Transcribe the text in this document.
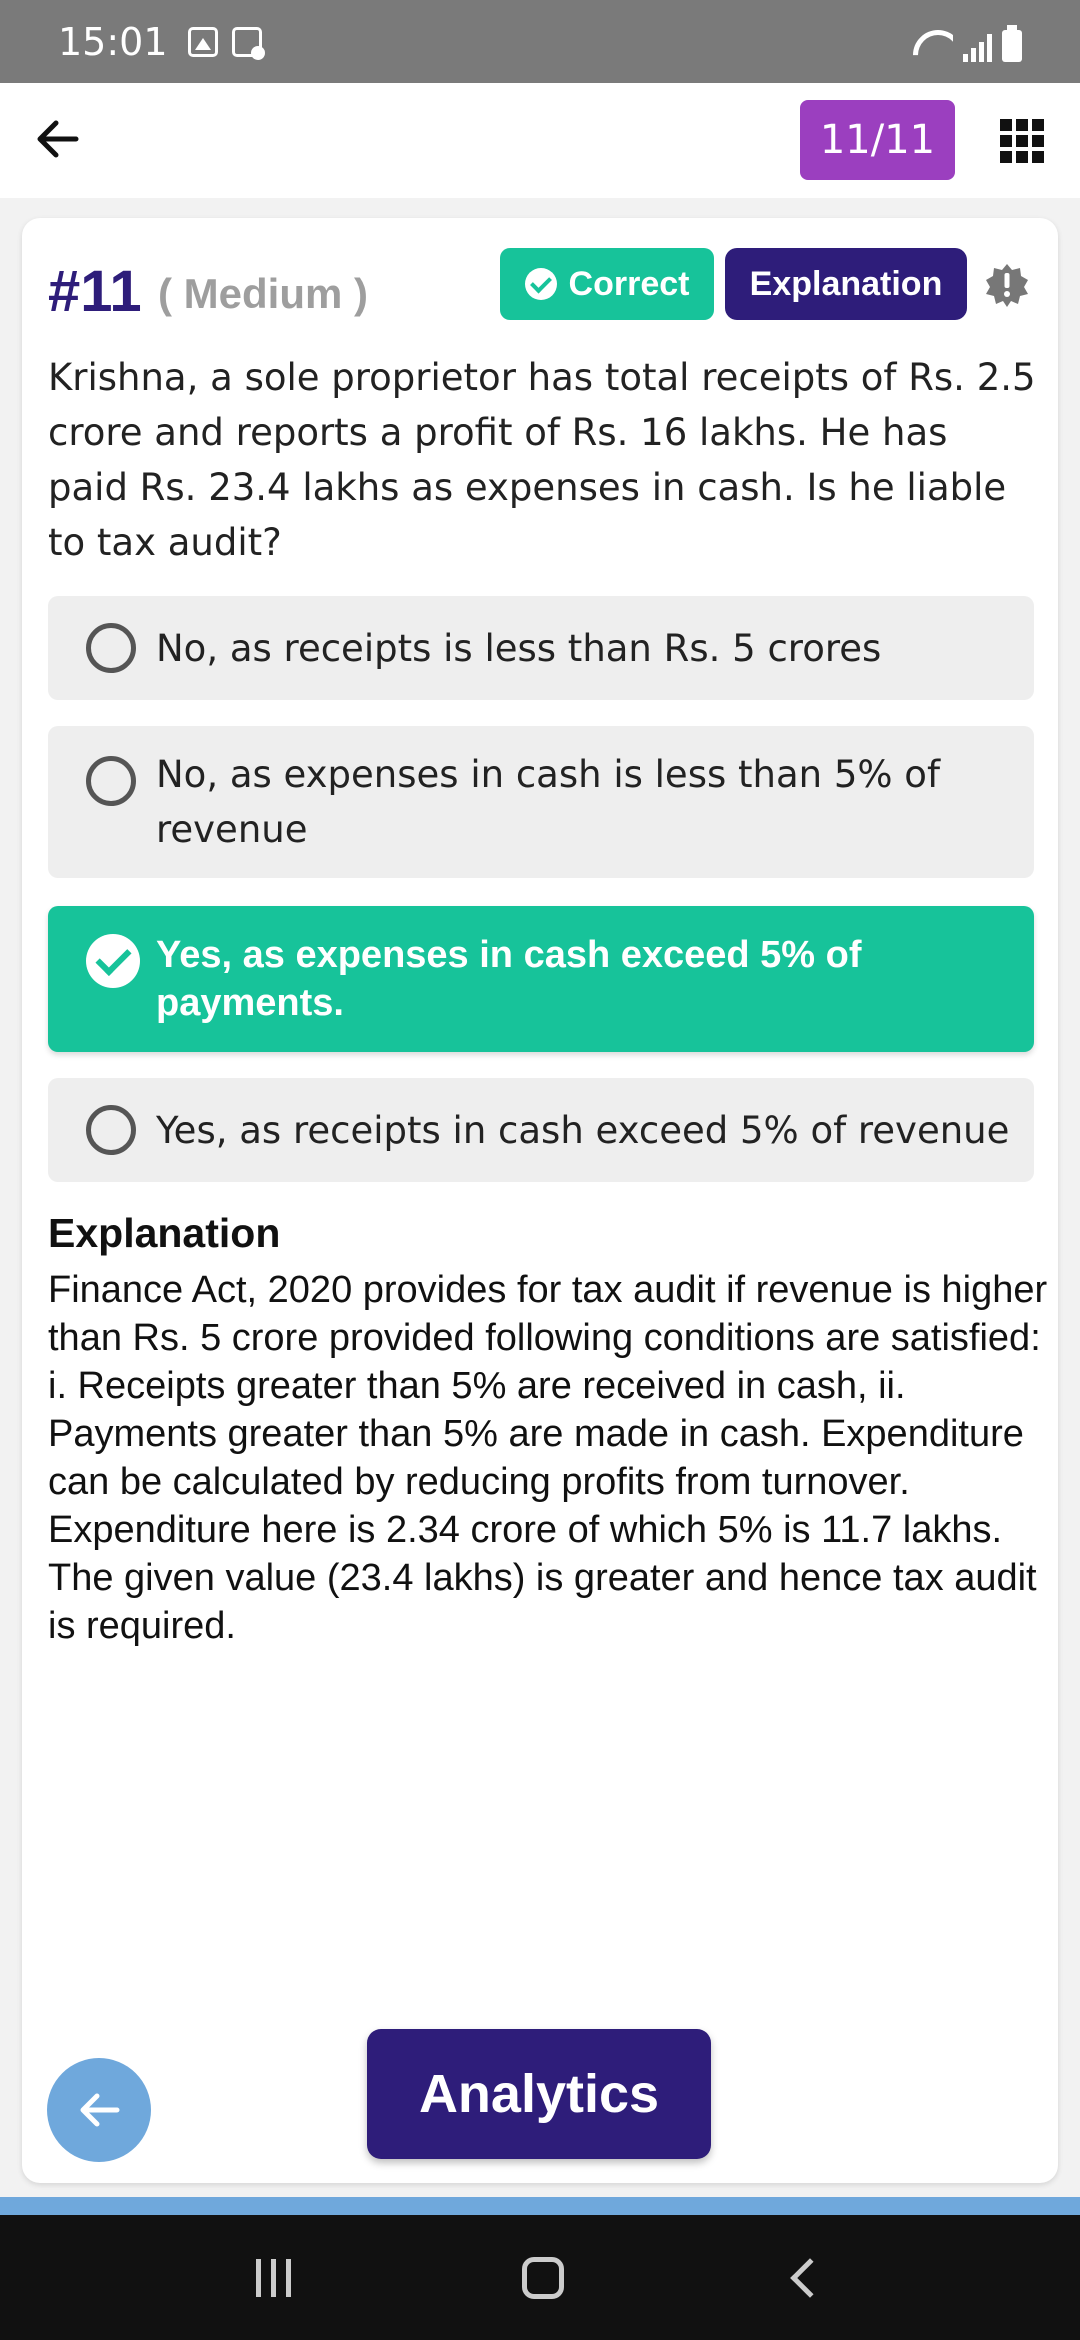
15:01
11/11
#11 ( Medium )	Correct	Explanation
Krishna, a sole proprietor has total receipts of Rs. 2.5 crore and reports a profit of Rs. 16 lakhs. He has paid Rs. 23.4 lakhs as expenses in cash. Is he liable to tax audit?
No, as receipts is less than Rs. 5 crores
No, as expenses in cash is less than 5% of revenue
Yes, as expenses in cash exceed 5% of payments.
Yes, as receipts in cash exceed 5% of revenue
Explanation
Finance Act, 2020 provides for tax audit if revenue is higher than Rs. 5 crore provided following conditions are satisfied: i. Receipts greater than 5% are received in cash, ii. Payments greater than 5% are made in cash. Expenditure can be calculated by reducing profits from turnover. Expenditure here is 2.34 crore of which 5% is 11.7 lakhs. The given value (23.4 lakhs) is greater and hence tax audit is required.
Analytics
